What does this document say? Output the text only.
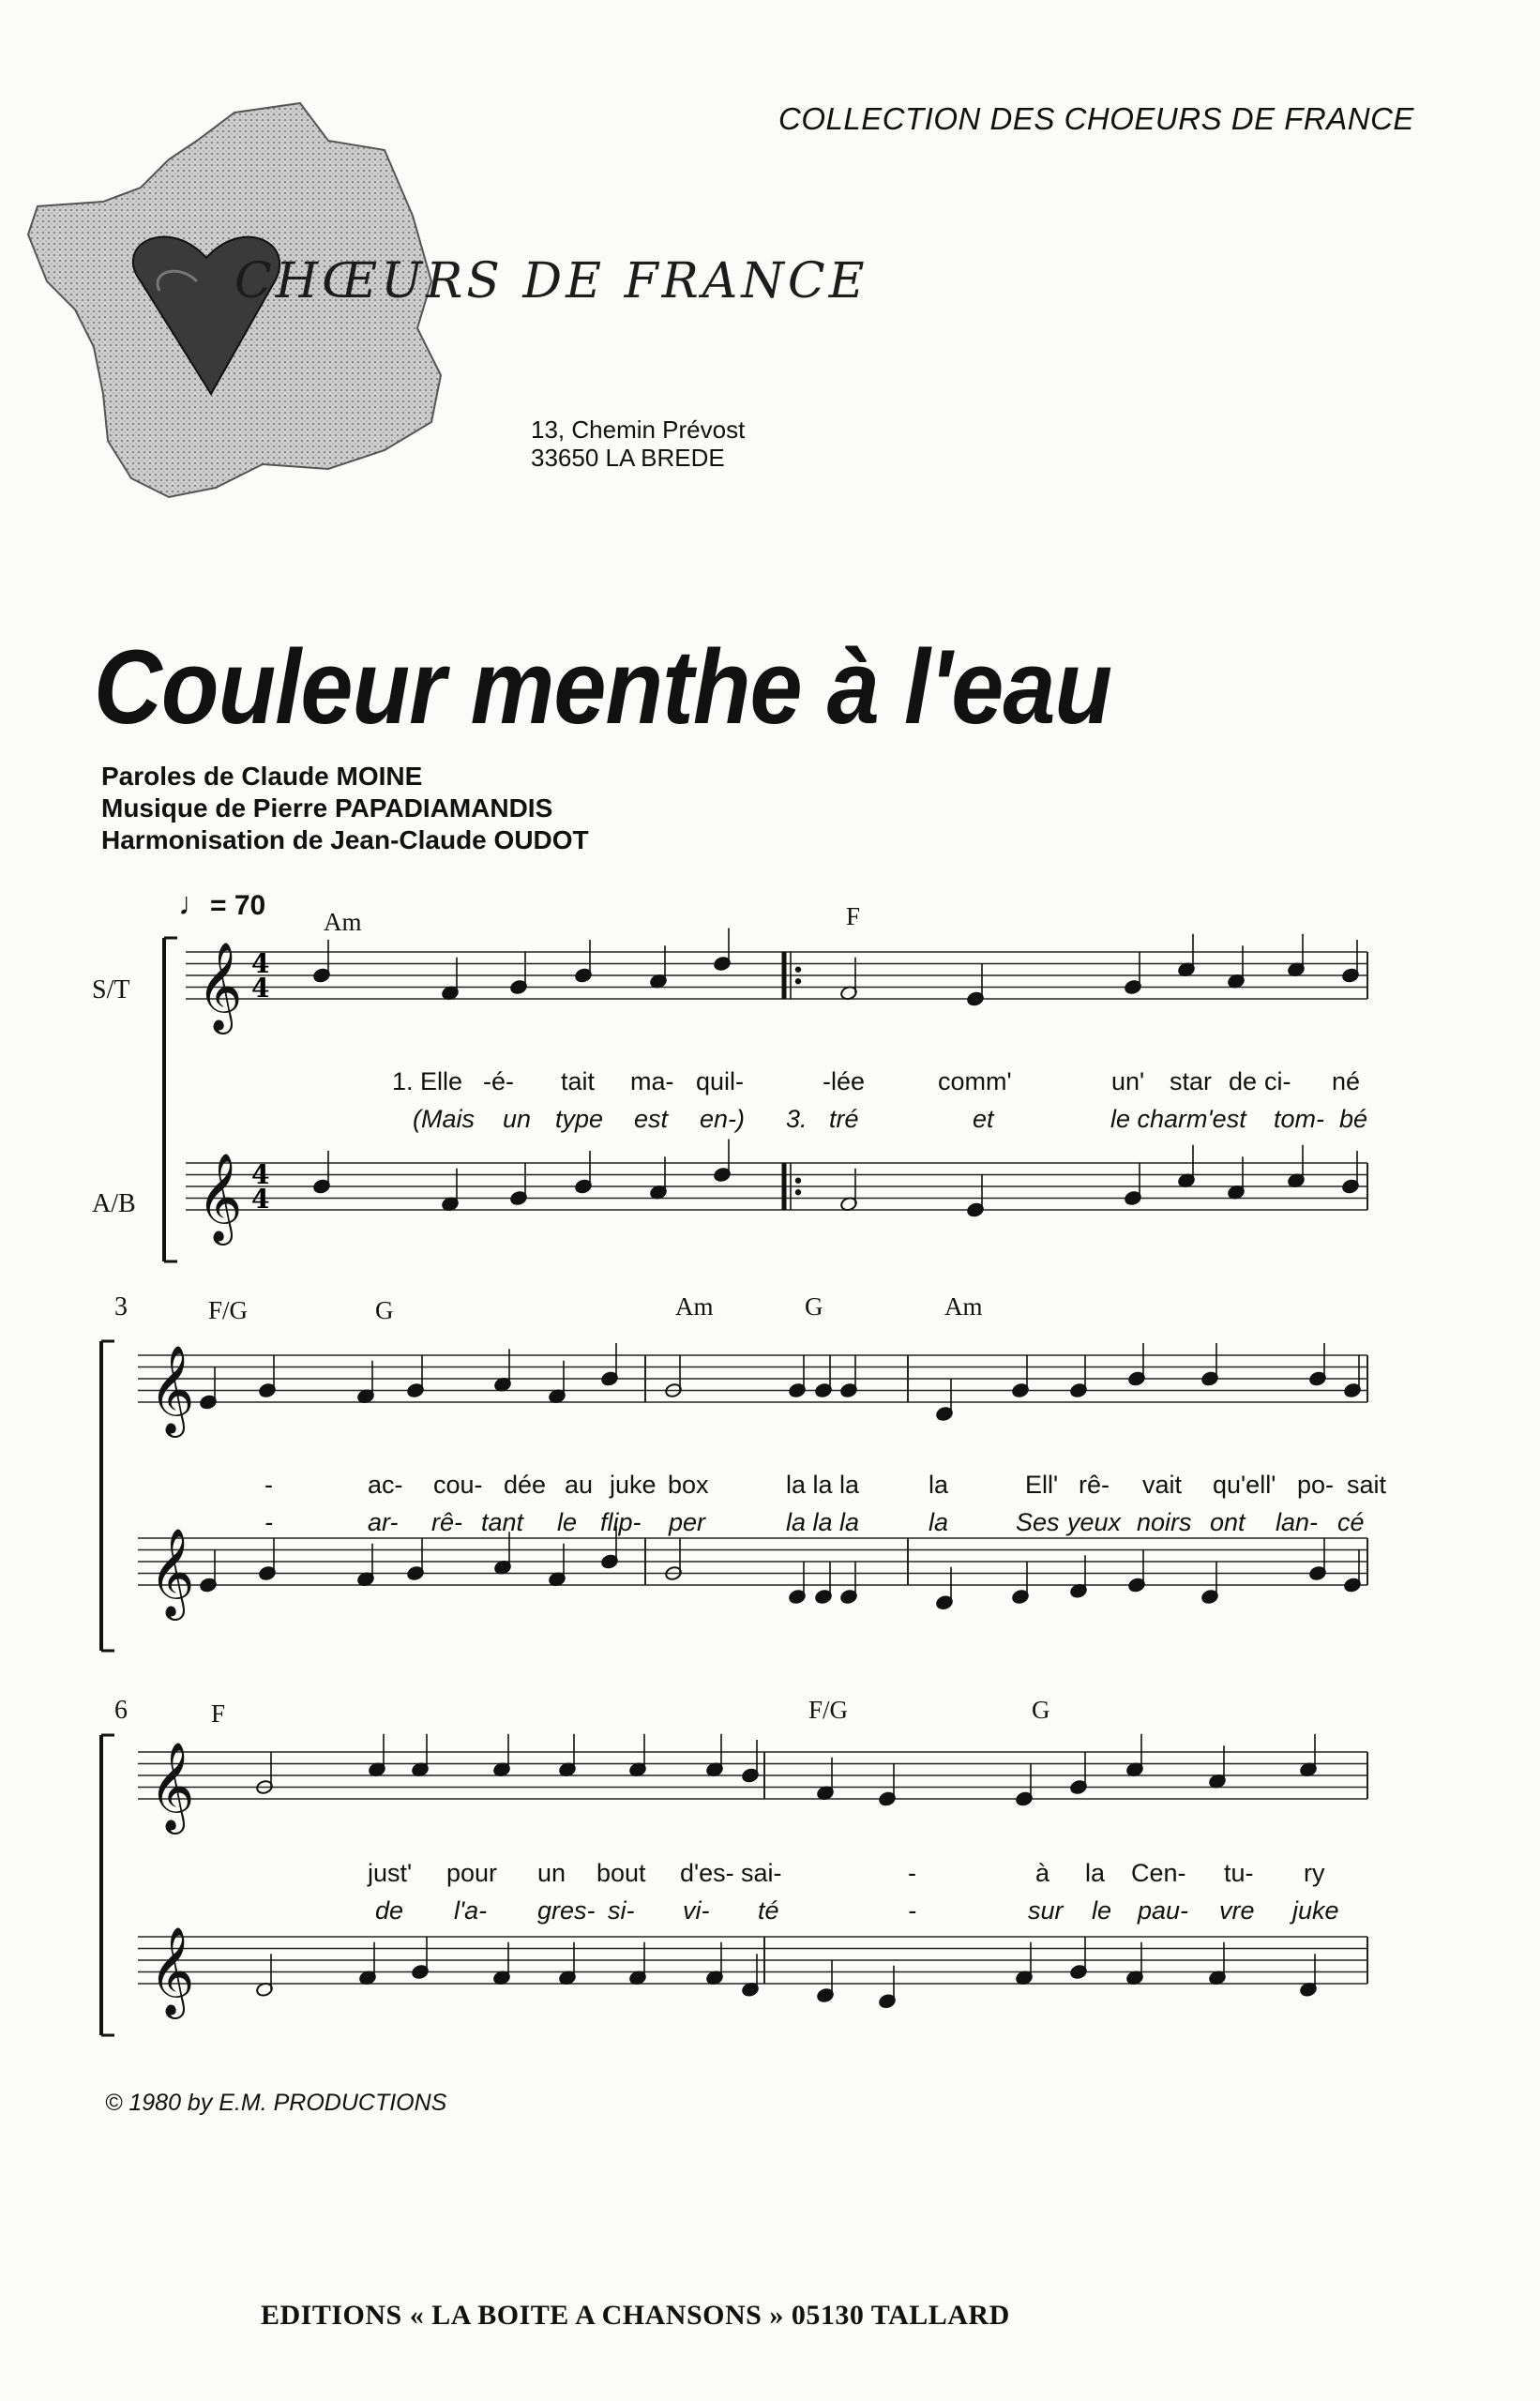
COLLECTION DES CHOEURS DE FRANCE
CHŒURS DE FRANCE
13, Chemin Prévost
33650 LA BREDE
Couleur menthe à l'eau
Paroles de Claude MOINE
Musique de Pierre PAPADIAMANDIS
Harmonisation de Jean-Claude OUDOT
𝄞 4
4
𝄞 4
4
𝄞
𝄞
𝄞
𝄞
♩= 70
S/T
A/B
Am	F
1. Elle -é- tait ma- quil-	-lée	comm'	un' star de ci- né
(Mais un type est en-) 3. tré	et	le charm'est tom- bé
3	F/G	G	Am	G	Am
-	ac- cou- dée au juke box	la la la	la	Ell' rê- vait qu'ell' po- sait
-	ar- rê- tant le flip- per	la la la	la	Ses yeux noirs ont lan- cé
6	F	F/G	G
just' pour un bout d'es- sai-	-	à la Cen- tu- ry
de l'a- gres- si- vi- té	-	sur le pau- vre juke
© 1980 by E.M. PRODUCTIONS
EDITIONS « LA BOITE A CHANSONS » 05130 TALLARD
